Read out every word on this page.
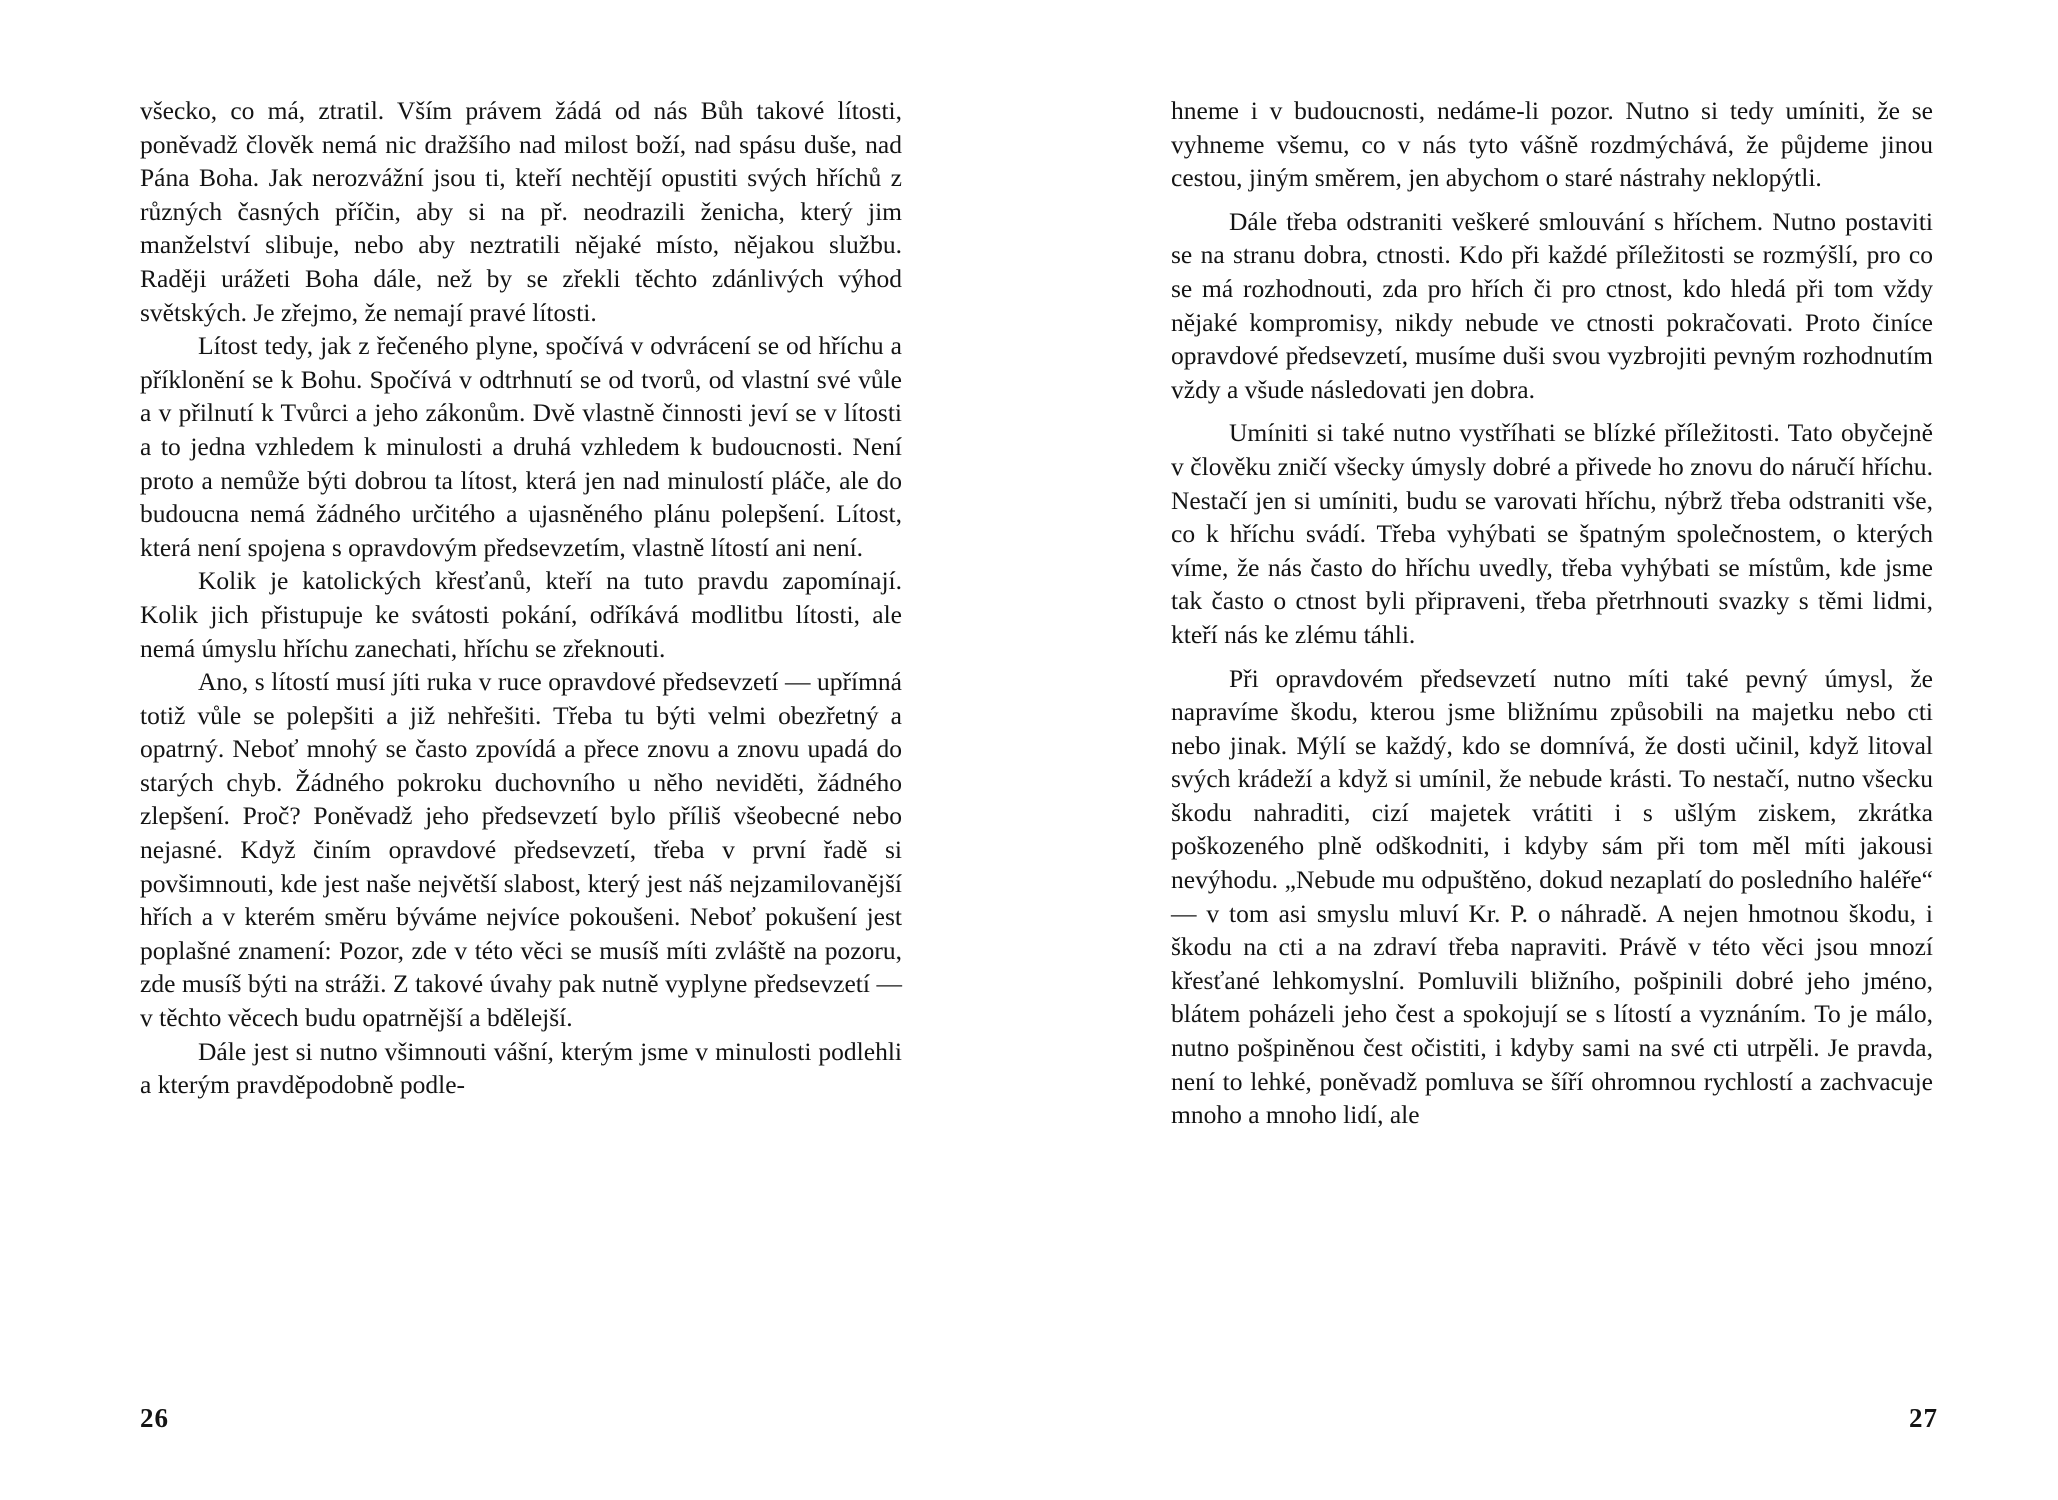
všecko, co má, ztratil. Vším právem žádá od nás Bůh takové lítosti, poněvadž člověk nemá nic dražšího nad milost boží, nad spásu duše, nad Pána Boha. Jak nerozvážní jsou ti, kteří nechtějí opustiti svých hříchů z různých časných příčin, aby si na př. neodrazili ženicha, který jim manželství slibuje, nebo aby neztratili nějaké místo, nějakou službu. Raději urážeti Boha dále, než by se zřekli těchto zdánlivých výhod světských. Je zřejmo, že nemají pravé lítosti.

Lítost tedy, jak z řečeného plyne, spočívá v odvrácení se od hříchu a příklonění se k Bohu. Spočívá v odtrhnutí se od tvorů, od vlastní své vůle a v přilnutí k Tvůrci a jeho zákonům. Dvě vlastně činnosti jeví se v lítosti a to jedna vzhledem k minulosti a druhá vzhledem k budoucnosti. Není proto a nemůže býti dobrou ta lítost, která jen nad minulostí pláče, ale do budoucna nemá žádného určitého a ujasněného plánu polepšení. Lítost, která není spojena s opravdovým předsevzetím, vlastně lítostí ani není.

Kolik je katolických křesťanů, kteří na tuto pravdu zapomínají. Kolik jich přistupuje ke svátosti pokání, odříkává modlitbu lítosti, ale nemá úmyslu hříchu zanechati, hříchu se zřeknouti.

Ano, s lítostí musí jíti ruka v ruce opravdové předsevzetí — upřímná totiž vůle se polepšiti a již nehřešiti. Třeba tu býti velmi obezřetný a opatrný. Neboť mnohý se často zpovídá a přece znovu a znovu upadá do starých chyb. Žádného pokroku duchovního u něho neviděti, žádného zlepšení. Proč? Poněvadž jeho předsevzetí bylo příliš všeobecné nebo nejasné. Když činím opravdové předsevzetí, třeba v první řadě si povšimnouti, kde jest naše největší slabost, který jest náš nejzamilovanější hřích a v kterém směru býváme nejvíce pokoušeni. Neboť pokušení jest poplašné znamení: Pozor, zde v této věci se musíš míti zvláště na pozoru, zde musíš býti na stráži. Z takové úvahy pak nutně vyplyne předsevzetí — v těchto věcech budu opatrnější a bdělejší.

Dále jest si nutno všimnouti vášní, kterým jsme v minulosti podlehli a kterým pravděpodobně podle-

26

hneme i v budoucnosti, nedáme-li pozor. Nutno si tedy umíniti, že se vyhneme všemu, co v nás tyto vášně rozdmýchává, že půjdeme jinou cestou, jiným směrem, jen abychom o staré nástrahy neklopýtli.

Dále třeba odstraniti veškeré smlouvání s hříchem. Nutno postaviti se na stranu dobra, ctnosti. Kdo při každé příležitosti se rozmýšlí, pro co se má rozhodnouti, zda pro hřích či pro ctnost, kdo hledá při tom vždy nějaké kompromisy, nikdy nebude ve ctnosti pokračovati. Proto činíce opravdové předsevzetí, musíme duši svou vyzbrojiti pevným rozhodnutím vždy a všude následovati jen dobra.

Umíniti si také nutno vystříhati se blízké příležitosti. Tato obyčejně v člověku zničí všecky úmysly dobré a přivede ho znovu do náručí hříchu. Nestačí jen si umíniti, budu se varovati hříchu, nýbrž třeba odstraniti vše, co k hříchu svádí. Třeba vyhýbati se špatným společnostem, o kterých víme, že nás často do hříchu uvedly, třeba vyhýbati se místům, kde jsme tak často o ctnost byli připraveni, třeba přetrhnouti svazky s těmi lidmi, kteří nás ke zlému táhli.

Při opravdovém předsevzetí nutno míti také pevný úmysl, že napravíme škodu, kterou jsme bližnímu způsobili na majetku nebo cti nebo jinak. Mýlí se každý, kdo se domnívá, že dosti učinil, když litoval svých krádeží a když si umínil, že nebude krásti. To nestačí, nutno všecku škodu nahraditi, cizí majetek vrátiti i s ušlým ziskem, zkrátka poškozeného plně odškodniti, i kdyby sám při tom měl míti jakousi nevýhodu. „Nebude mu odpuštěno, dokud nezaplatí do posledního haléře“ — v tom asi smyslu mluví Kr. P. o náhradě. A nejen hmotnou škodu, i škodu na cti a na zdraví třeba napraviti. Právě v této věci jsou mnozí křesťané lehkomyslní. Pomluvili bližního, pošpinili dobré jeho jméno, blátem poházeli jeho čest a spokojují se s lítostí a vyznáním. To je málo, nutno pošpiněnou čest očistiti, i kdyby sami na své cti utrpěli. Je pravda, není to lehké, poněvadž pomluva se šíří ohromnou rychlostí a zachvacuje mnoho a mnoho lidí, ale

27
